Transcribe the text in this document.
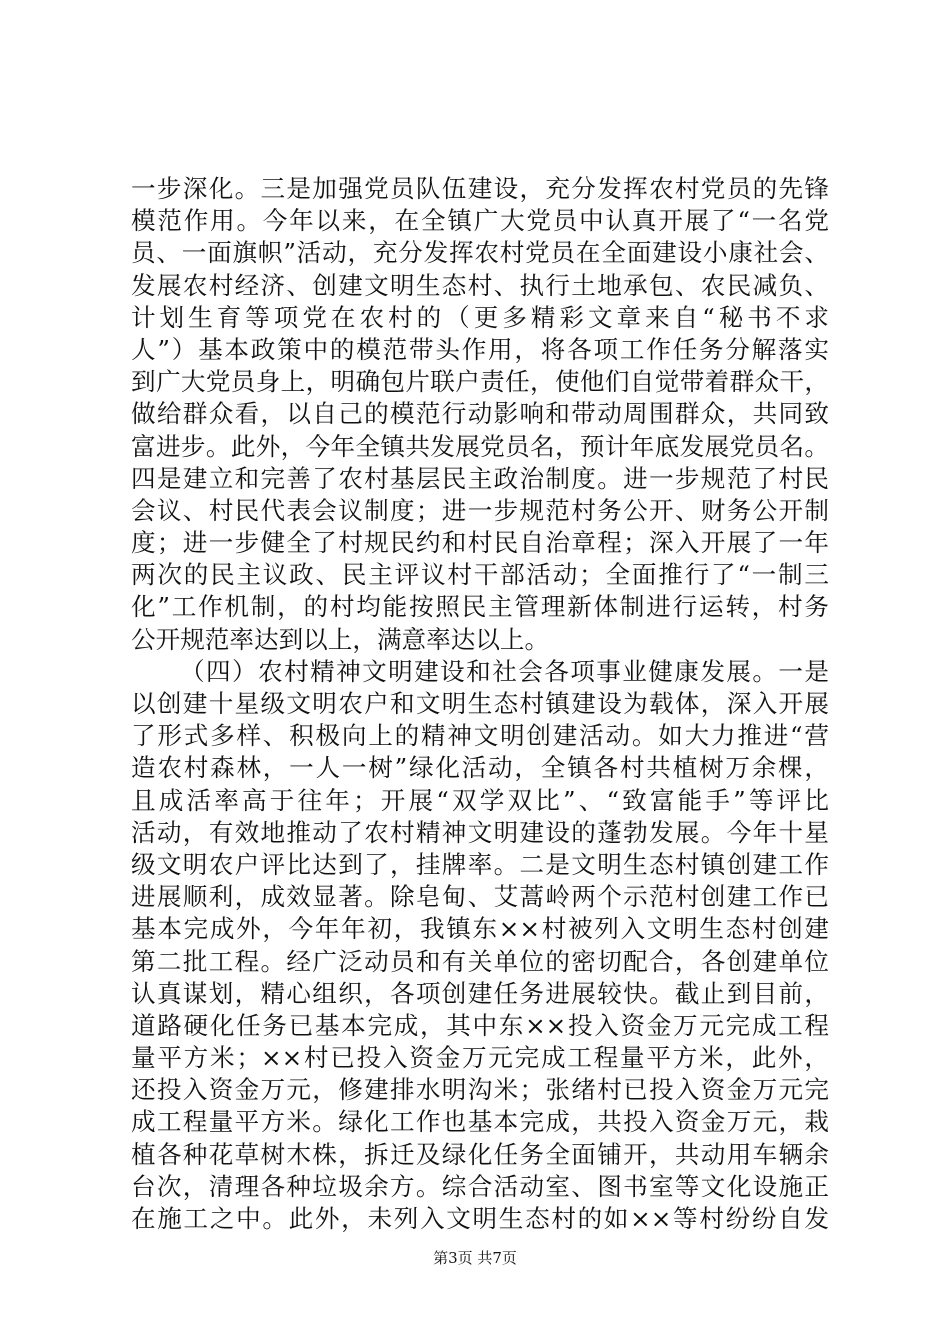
一步深化。三是加强党员队伍建设，充分发挥农村党员的先锋
模范作用。今年以来，在全镇广大党员中认真开展了“一名党
员、一面旗帜”活动，充分发挥农村党员在全面建设小康社会、
发展农村经济、创建文明生态村、执行土地承包、农民减负、
计划生育等项党在农村的（更多精彩文章来自“秘书不求
人”）基本政策中的模范带头作用，将各项工作任务分解落实
到广大党员身上，明确包片联户责任，使他们自觉带着群众干，
做给群众看，以自己的模范行动影响和带动周围群众，共同致
富进步。此外，今年全镇共发展党员名，预计年底发展党员名。
四是建立和完善了农村基层民主政治制度。进一步规范了村民
会议、村民代表会议制度；进一步规范村务公开、财务公开制
度；进一步健全了村规民约和村民自治章程；深入开展了一年
两次的民主议政、民主评议村干部活动；全面推行了“一制三
化”工作机制，的村均能按照民主管理新体制进行运转，村务
公开规范率达到以上，满意率达以上。
（四）农村精神文明建设和社会各项事业健康发展。一是
以创建十星级文明农户和文明生态村镇建设为载体，深入开展
了形式多样、积极向上的精神文明创建活动。如大力推进“营
造农村森林，一人一树”绿化活动，全镇各村共植树万余棵，
且成活率高于往年；开展“双学双比”、“致富能手”等评比
活动，有效地推动了农村精神文明建设的蓬勃发展。今年十星
级文明农户评比达到了，挂牌率。二是文明生态村镇创建工作
进展顺利，成效显著。除皂甸、艾蒿岭两个示范村创建工作已
基本完成外，今年年初，我镇东××村被列入文明生态村创建
第二批工程。经广泛动员和有关单位的密切配合，各创建单位
认真谋划，精心组织，各项创建任务进展较快。截止到目前，
道路硬化任务已基本完成，其中东××投入资金万元完成工程
量平方米；××村已投入资金万元完成工程量平方米，此外，
还投入资金万元，修建排水明沟米；张绪村已投入资金万元完
成工程量平方米。绿化工作也基本完成，共投入资金万元，栽
植各种花草树木株，拆迁及绿化任务全面铺开，共动用车辆余
台次，清理各种垃圾余方。综合活动室、图书室等文化设施正
在施工之中。此外，未列入文明生态村的如××等村纷纷自发
第3页 共7页
